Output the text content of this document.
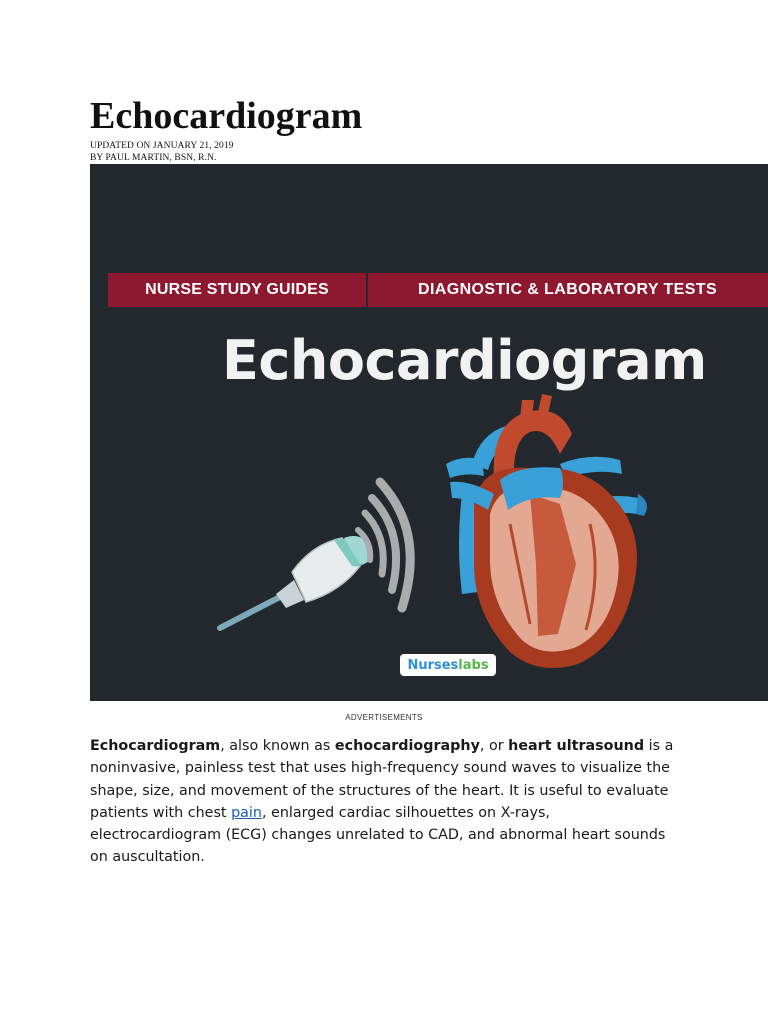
Echocardiogram
UPDATED ON JANUARY 21, 2019
BY PAUL MARTIN, BSN, R.N.
NURSE STUDY GUIDES	DIAGNOSTIC & LABORATORY TESTS
Echocardiogram
Nurses labs
ADVERTISEMENTS

Echocardiogram, also known as echocardiography, or heart ultrasound is a noninvasive, painless test that uses high-frequency sound waves to visualize the shape, size, and movement of the structures of the heart. It is useful to evaluate patients with chest pain, enlarged cardiac silhouettes on X-rays, electrocardiogram (ECG) changes unrelated to CAD, and abnormal heart sounds on auscultation.
